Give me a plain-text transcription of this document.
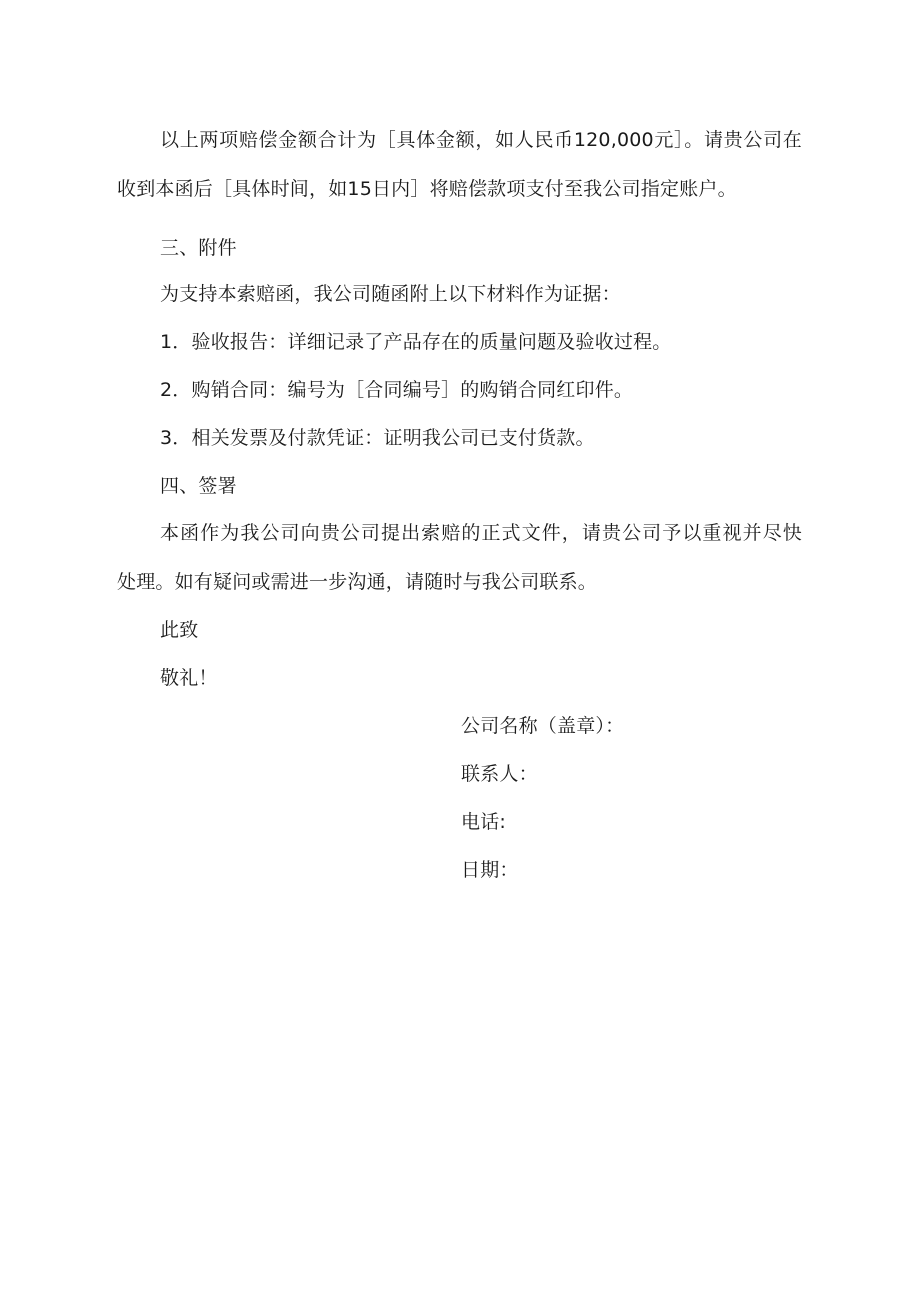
以上两项赔偿金额合计为［具体金额，如人民币120,000元］。请贵公司在
收到本函后［具体时间，如15日内］将赔偿款项支付至我公司指定账户。
三、附件
为支持本索赔函，我公司随函附上以下材料作为证据：
1．验收报告：详细记录了产品存在的质量问题及验收过程。
2．购销合同：编号为［合同编号］的购销合同红印件。
3．相关发票及付款凭证：证明我公司已支付货款。
四、签署
本函作为我公司向贵公司提出索赔的正式文件，请贵公司予以重视并尽快
处理。如有疑问或需进一步沟通，请随时与我公司联系。
此致
敬礼！
公司名称（盖章）：
联系人：
电话:
日期：
